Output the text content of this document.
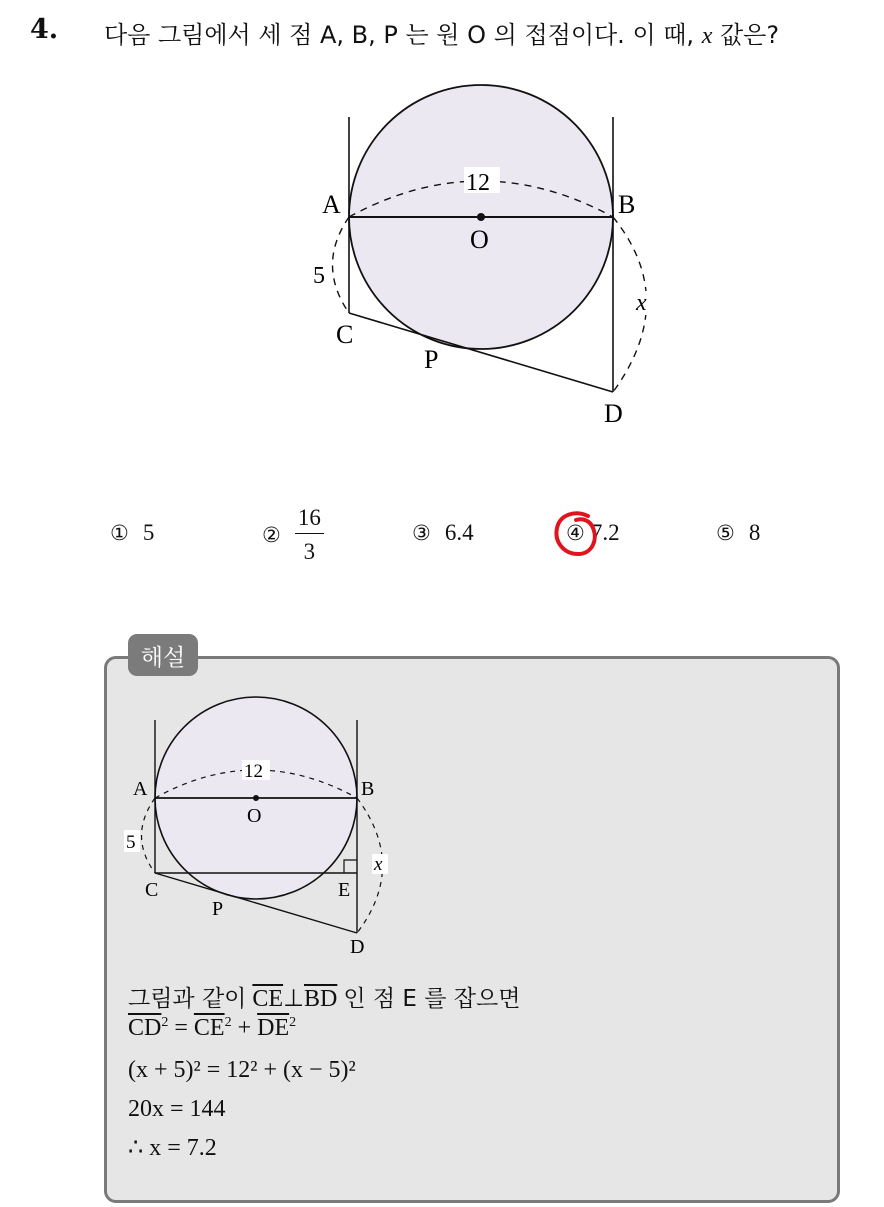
4. 다음 그림에서 세 점 A, B, P 는 원 O 의 접점이다. 이 때, x 값은?
12
5
x
A	B
O
C
P
D
① 5	② $\frac{16}{3}$	③ 6.4	④ 7.2	⑤ 8
해설
12
5
x
A	B
O
C	E
P
D
그림과 같이 $\overline{CE}\perp\overline{BD}$ 인 점 E 를 잡으면
$\overline{CD}^2 = \overline{CE}^2 + \overline{DE}^2$
(x + 5)² = 12² + (x − 5)²
20x = 144
∴ x = 7.2
